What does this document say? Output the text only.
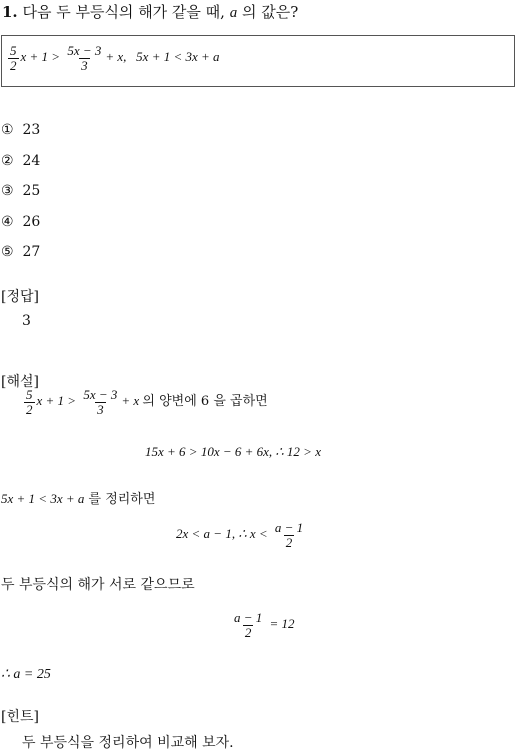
1. 다음 두 부등식의 해가 같을 때, a 의 값은?
$\frac{5}{2}$ $x + 1 > \frac{5x - 3}{3} + x$, 5x + 1 < 3x + a
① 23
② 24
③ 25
④ 26
⑤ 27
[정답]
3
[해설]
$\frac{5}{2}$ $x + 1 > \frac{5x - 3}{3} + x$ 의 양변에 6 을 곱하면
15x + 6 > 10x − 6 + 6x, ∴ 12 > x
5x + 1 < 3x + a 를 정리하면
2x < a − 1, ∴ $x < \frac{a - 1}{2}$
두 부등식의 해가 서로 같으므로
$\frac{a - 1}{2} = 12$
∴ a = 25
[힌트]
두 부등식을 정리하여 비교해 보자.
